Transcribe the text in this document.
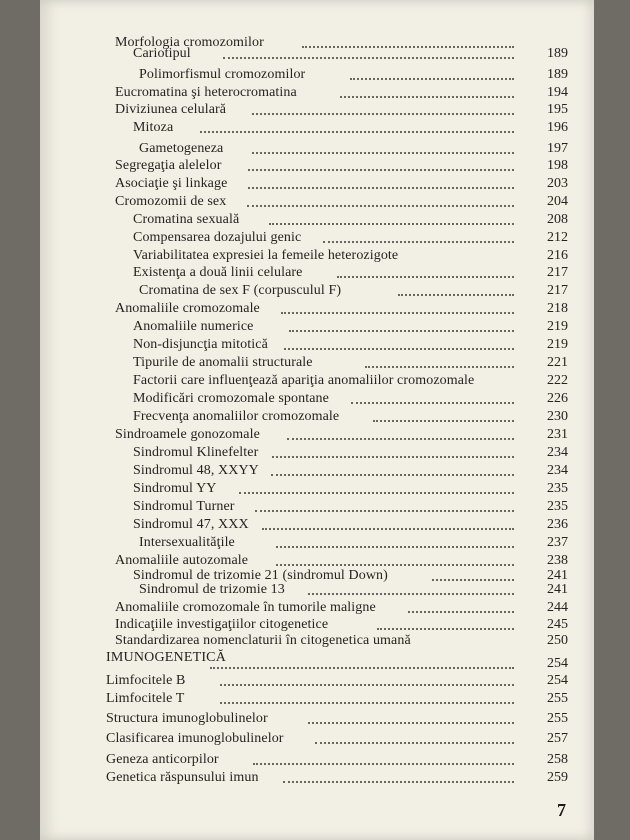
Morfologia cromozomilor
Cariotipul	189
Polimorfismul cromozomilor	189
Eucromatina şi heterocromatina	194
Diviziunea celulară	195
Mitoza	196
Gametogeneza	197
Segregaţia alelelor	198
Asociaţie şi linkage	203
Cromozomii de sex	204
Cromatina sexuală	208
Compensarea dozajului genic	212
Variabilitatea expresiei la femeile heterozigote	216
Existenţa a două linii celulare	217
Cromatina de sex F (corpusculul F)	217
Anomaliile cromozomale	218
Anomaliile numerice	219
Non-disjuncţia mitotică	219
Tipurile de anomalii structurale	221
Factorii care influenţează apariţia anomaliilor cromozomale	222
Modificări cromozomale spontane	226
Frecvenţa anomaliilor cromozomale	230
Sindroamele gonozomale	231
Sindromul Klinefelter	234
Sindromul 48, XXYY	234
Sindromul YY	235
Sindromul Turner	235
Sindromul 47, XXX	236
Intersexualităţile	237
Anomaliile autozomale	238
Sindromul de trizomie 21 (sindromul Down)	241
Sindromul de trizomie 13	241
Anomaliile cromozomale în tumorile maligne	244
Indicaţiile investigaţiilor citogenetice	245
Standardizarea nomenclaturii în citogenetica umană	250
IMUNOGENETICĂ	254
Limfocitele B	254
Limfocitele T	255
Structura imunoglobulinelor	255
Clasificarea imunoglobulinelor	257
Geneza anticorpilor	258
Genetica răspunsului imun	259
7
